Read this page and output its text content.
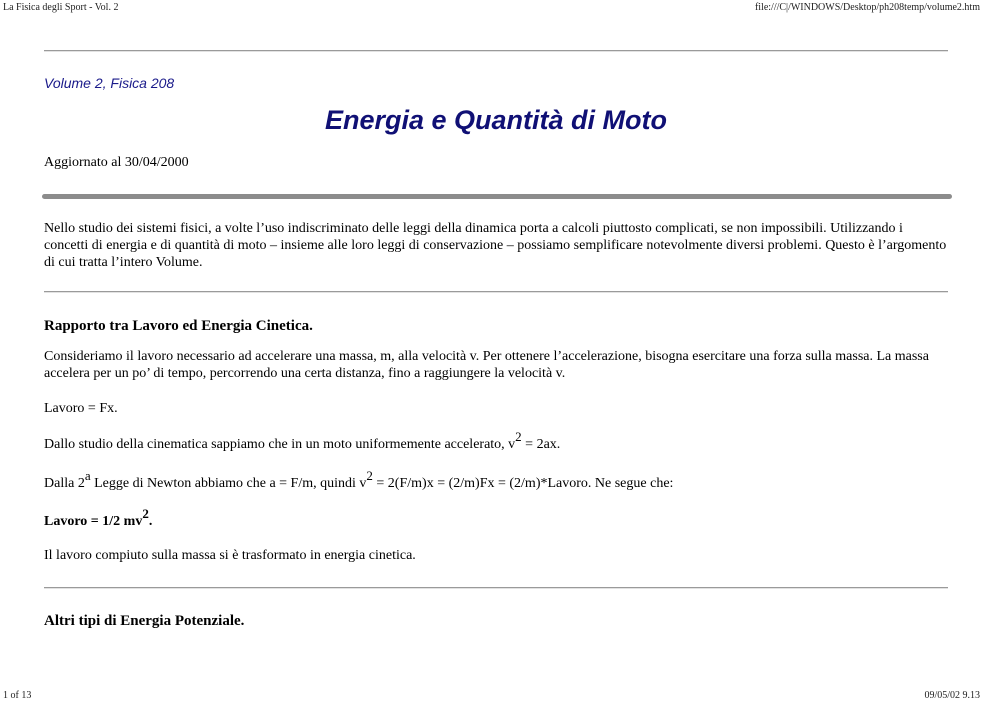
La Fisica degli Sport - Vol. 2	file:///C|/WINDOWS/Desktop/ph208temp/volume2.htm
Volume 2, Fisica 208
Energia e Quantità di Moto
Aggiornato al 30/04/2000

Nello studio dei sistemi fisici, a volte l’uso indiscriminato delle leggi della dinamica porta a calcoli piuttosto complicati, se non impossibili. Utilizzando i concetti di energia e di quantità di moto – insieme alle loro leggi di conservazione – possiamo semplificare notevolmente diversi problemi. Questo è l’argomento di cui tratta l’intero Volume.

Rapporto tra Lavoro ed Energia Cinetica.

Consideriamo il lavoro necessario ad accelerare una massa, m, alla velocità v. Per ottenere l’accelerazione, bisogna esercitare una forza sulla massa. La massa accelera per un po’ di tempo, percorrendo una certa distanza, fino a raggiungere la velocità v.

Lavoro = Fx.
Dallo studio della cinematica sappiamo che in un moto uniformemente accelerato, $v^2 = 2ax$.
Dalla 2$^a$ Legge di Newton abbiamo che a = F/m, quindi $v^2 = 2(F/m)x = (2/m)Fx$ = (2/m)*Lavoro. Ne segue che:
Lavoro = 1/2 $mv^2$.
Il lavoro compiuto sulla massa si è trasformato in energia cinetica.
Altri tipi di Energia Potenziale.
1 of 13	09/05/02 9.13
